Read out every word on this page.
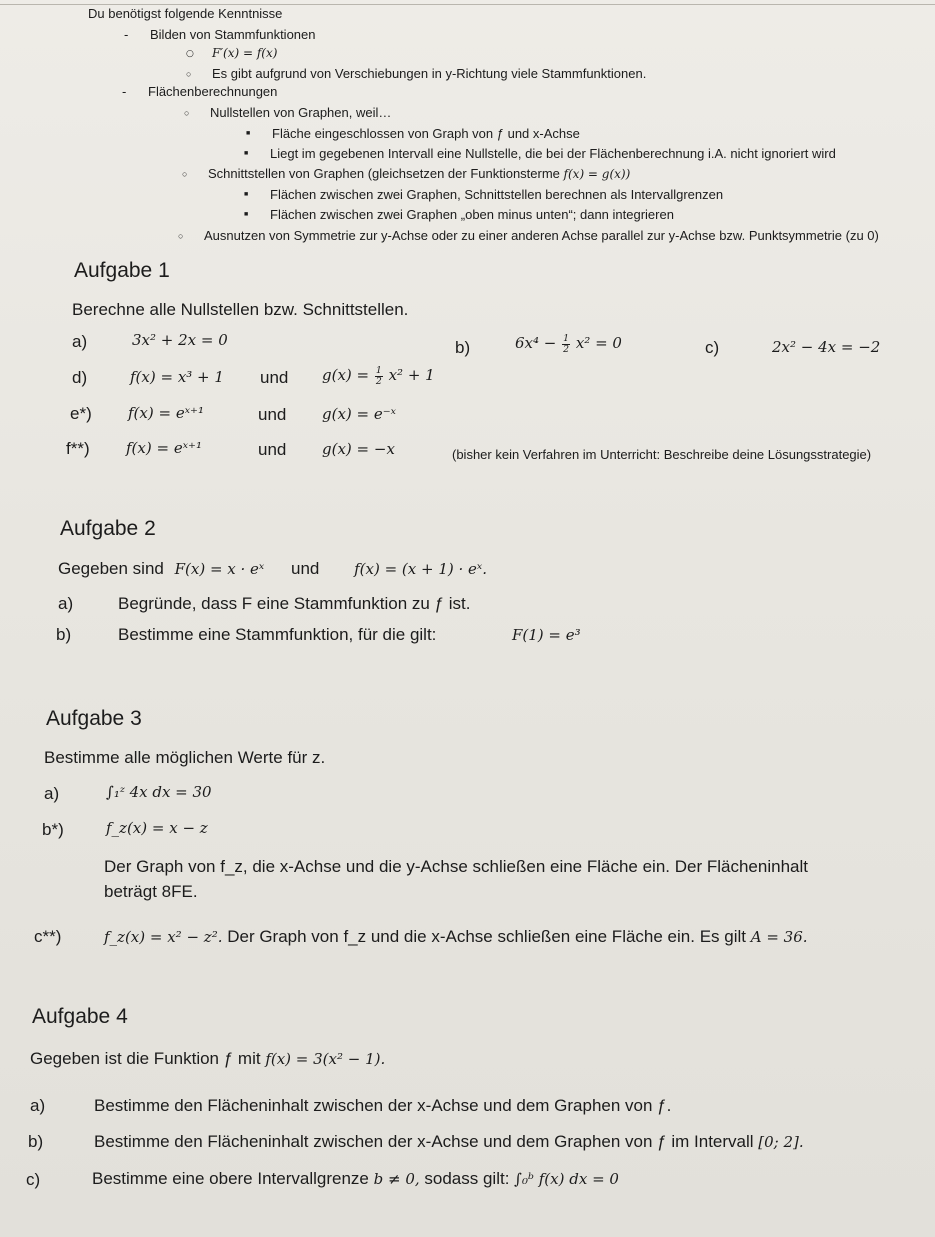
Du benötigst folgende Kenntnisse
- Bilden von Stammfunktionen
○ F′(x) = f(x)
○ Es gibt aufgrund von Verschiebungen in y-Richtung viele Stammfunktionen.
- Flächenberechnungen
○ Nullstellen von Graphen, weil…
■ Fläche eingeschlossen von Graph von ƒ und x-Achse
■ Liegt im gegebenen Intervall eine Nullstelle, die bei der Flächenberechnung i.A. nicht ignoriert wird
○ Schnittstellen von Graphen (gleichsetzen der Funktionsterme f(x) = g(x))
■ Flächen zwischen zwei Graphen, Schnittstellen berechnen als Intervallgrenzen
■ Flächen zwischen zwei Graphen „oben minus unten“; dann integrieren
○ Ausnutzen von Symmetrie zur y-Achse oder zu einer anderen Achse parallel zur y-Achse bzw. Punktsymmetrie (zu 0)
Aufgabe 1
Berechne alle Nullstellen bzw. Schnittstellen.
a)	3x² + 2x = 0	b)	$6x^4 - \frac{1}{2} x^2 = 0$	c)	2x² − 4x = −2
d)	f(x) = x³ + 1 und $g(x) = \frac{1}{2} x^2 + 1$
e*) f(x) = eˣ⁺¹	und g(x) = e⁻ˣ
f**) f(x) = eˣ⁺¹	und g(x) = −x	(bisher kein Verfahren im Unterricht: Beschreibe deine Lösungsstrategie)
Aufgabe 2
Gegeben sind F(x) = x · eˣ und f(x) = (x + 1) · eˣ.
a)	Begründe, dass F eine Stammfunktion zu ƒ ist.
b)	Bestimme eine Stammfunktion, für die gilt:	F(1) = e³
Aufgabe 3
Bestimme alle möglichen Werte für z.
a)	∫₁ᶻ 4x dx = 30
b*)	f_z(x) = x − z
Der Graph von f_z, die x-Achse und die y-Achse schließen eine Fläche ein. Der Flächeninhalt
beträgt 8FE.
c**)	f_z(x) = x² − z². Der Graph von f_z und die x-Achse schließen eine Fläche ein. Es gilt A = 36.
Aufgabe 4
Gegeben ist die Funktion ƒ mit f(x) = 3(x² − 1).
a)	Bestimme den Flächeninhalt zwischen der x-Achse und dem Graphen von ƒ.
b)	Bestimme den Flächeninhalt zwischen der x-Achse und dem Graphen von ƒ im Intervall [0; 2].
c)	Bestimme eine obere Intervallgrenze b ≠ 0, sodass gilt: ∫₀ᵇ f(x) dx = 0
